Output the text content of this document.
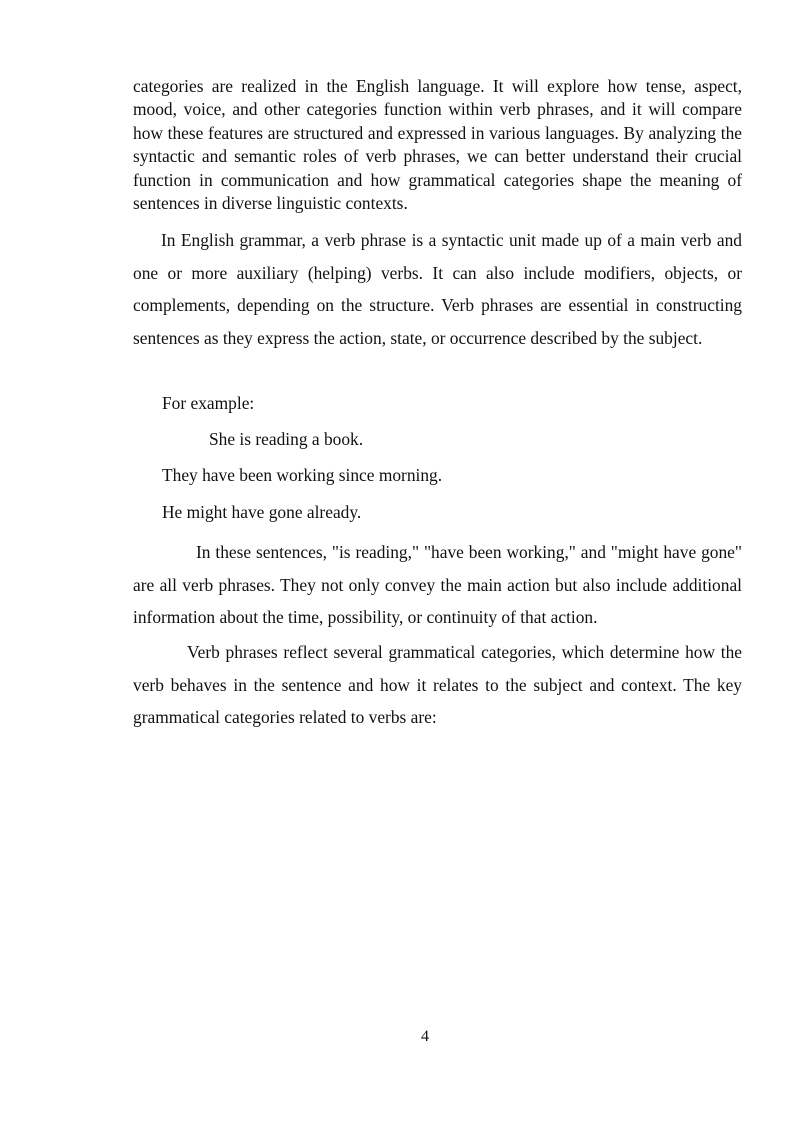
categories are realized in the English language. It will explore how tense, aspect, mood, voice, and other categories function within verb phrases, and it will compare how these features are structured and expressed in various languages. By analyzing the syntactic and semantic roles of verb phrases, we can better understand their crucial function in communication and how grammatical categories shape the meaning of sentences in diverse linguistic contexts.

In English grammar, a verb phrase is a syntactic unit made up of a main verb and one or more auxiliary (helping) verbs. It can also include modifiers, objects, or complements, depending on the structure. Verb phrases are essential in constructing sentences as they express the action, state, or occurrence described by the subject.

For example:

She is reading a book.

They have been working since morning.

He might have gone already.

In these sentences, "is reading," "have been working," and "might have gone" are all verb phrases. They not only convey the main action but also include additional information about the time, possibility, or continuity of that action.

Verb phrases reflect several grammatical categories, which determine how the verb behaves in the sentence and how it relates to the subject and context. The key grammatical categories related to verbs are:

4
